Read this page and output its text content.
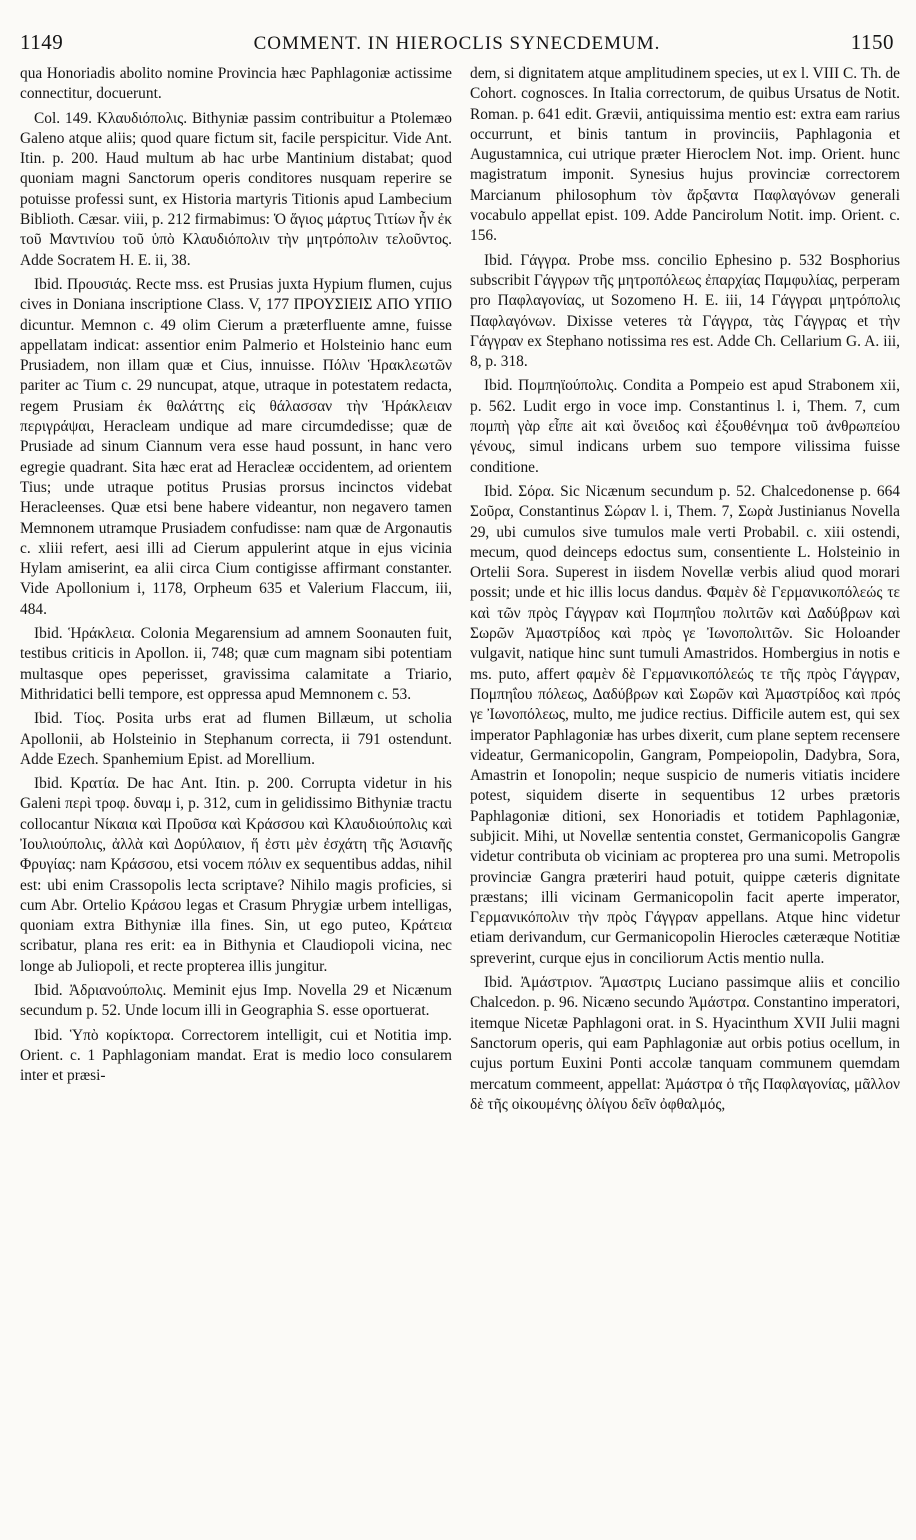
1149	COMMENT. IN HIEROCLIS SYNECDEMUM.	1150

qua Honoriadis abolito nomine Provincia hæc Paphlagoniæ actissime connectitur, docuerunt.

Col. 149. Κλαυδιόπολις. Bithyniæ passim contribuitur a Ptolemæo Galeno atque aliis; quod quare fictum sit, facile perspicitur. Vide Ant. Itin. p. 200. Haud multum ab hac urbe Mantinium distabat; quod quoniam magni Sanctorum operis conditores nusquam reperire se potuisse professi sunt, ex Historia martyris Titionis apud Lambecium Biblioth. Cæsar. viii, p. 212 firmabimus: Ὁ ἅγιος μάρτυς Τιτίων ἦν ἐκ τοῦ Μαντινίου τοῦ ὑπὸ Κλαυδιόπολιν τὴν μητρόπολιν τελοῦντος. Adde Socratem H. E. ii, 38.

Ibid. Προυσιάς. Recte mss. est Prusias juxta Hypium flumen, cujus cives in Doniana inscriptione Class. V, 177 ΠΡΟΥΣΙΕΙΣ ΑΠΟ ΥΠΙΟ dicuntur. Memnon c. 49 olim Cierum a præterfluente amne, fuisse appellatam indicat: assentior enim Palmerio et Holsteinio hanc eum Prusiadem, non illam quæ et Cius, innuisse. Πόλιν Ἡρακλεωτῶν pariter ac Tium c. 29 nuncupat, atque, utraque in potestatem redacta, regem Prusiam ἐκ θαλάττης εἰς θάλασσαν τὴν Ἡράκλειαν περιγράψαι, Heracleam undique ad mare circumdedisse; quæ de Prusiade ad sinum Ciannum vera esse haud possunt, in hanc vero egregie quadrant. Sita hæc erat ad Heracleæ occidentem, ad orientem Tius; unde utraque potitus Prusias prorsus incinctos videbat Heracleenses. Quæ etsi bene habere videantur, non negavero tamen Memnonem utramque Prusiadem confudisse: nam quæ de Argonautis c. xliii refert, aesi illi ad Cierum appulerint atque in ejus vicinia Hylam amiserint, ea alii circa Cium contigisse affirmant constanter. Vide Apollonium i, 1178, Orpheum 635 et Valerium Flaccum, iii, 484.

Ibid. Ἡράκλεια. Colonia Megarensium ad amnem Soonauten fuit, testibus criticis in Apollon. ii, 748; quæ cum magnam sibi potentiam multasque opes peperisset, gravissima calamitate a Triario, Mithridatici belli tempore, est oppressa apud Memnonem c. 53.

Ibid. Τίος. Posita urbs erat ad flumen Billæum, ut scholia Apollonii, ab Holsteinio in Stephanum correcta, ii 791 ostendunt. Adde Ezech. Spanhemium Epist. ad Morellium.

Ibid. Κρατία. De hac Ant. Itin. p. 200. Corrupta videtur in his Galeni περὶ τροφ. δυναμ i, p. 312, cum in gelidissimo Bithyniæ tractu collocantur Νίκαια καὶ Προῦσα καὶ Κράσσου καὶ Κλαυδιούπολις καὶ Ἰουλιούπολις, ἀλλὰ καὶ Δορύλαιον, ἥ ἐστι μὲν ἐσχάτη τῆς Ἀσιανῆς Φρυγίας: nam Κράσσου, etsi vocem πόλιν ex sequentibus addas, nihil est: ubi enim Crassopolis lecta scriptave? Nihilo magis proficies, si cum Abr. Ortelio Κράσου legas et Crasum Phrygiæ urbem intelligas, quoniam extra Bithyniæ illa fines. Sin, ut ego puteo, Κράτεια scribatur, plana res erit: ea in Bithynia et Claudiopoli vicina, nec longe ab Juliopoli, et recte propterea illis jungitur.

Ibid. Ἀδριανούπολις. Meminit ejus Imp. Novella 29 et Nicænum secundum p. 52. Unde locum illi in Geographia S. esse oportuerat.

Ibid. Ὑπὸ κορίκτορα. Correctorem intelligit, cui et Notitia imp. Orient. c. 1 Paphlagoniam mandat. Erat is medio loco consularem inter et præsi-

dem, si dignitatem atque amplitudinem species, ut ex l. VIII C. Th. de Cohort. cognosces. In Italia correctorum, de quibus Ursatus de Notit. Roman. p. 641 edit. Grævii, antiquissima mentio est: extra eam rarius occurrunt, et binis tantum in provinciis, Paphlagonia et Augustamnica, cui utrique præter Hieroclem Not. imp. Orient. hunc magistratum imponit. Synesius hujus provinciæ correctorem Marcianum philosophum τὸν ἄρξαντα Παφλαγόνων generali vocabulo appellat epist. 109. Adde Pancirolum Notit. imp. Orient. c. 156.

Ibid. Γάγγρα. Probe mss. concilio Ephesino p. 532 Bosphorius subscribit Γάγγρων τῆς μητροπόλεως ἐπαρχίας Παμφυλίας, perperam pro Παφλαγονίας, ut Sozomeno H. E. iii, 14 Γάγγραι μητρόπολις Παφλαγόνων. Dixisse veteres τὰ Γάγγρα, τὰς Γάγγρας et τὴν Γάγγραν ex Stephano notissima res est. Adde Ch. Cellarium G. A. iii, 8, p. 318.

Ibid. Πομπηϊούπολις. Condita a Pompeio est apud Strabonem xii, p. 562. Ludit ergo in voce imp. Constantinus l. i, Them. 7, cum πομπὴ γὰρ εἶπε ait καὶ ὄνειδος καὶ ἐξουθένημα τοῦ ἀνθρωπείου γένους, simul indicans urbem suo tempore vilissima fuisse conditione.

Ibid. Σόρα. Sic Nicænum secundum p. 52. Chalcedonense p. 664 Σοῦρα, Constantinus Σώραν l. i, Them. 7, Σωρὰ Justinianus Novella 29, ubi cumulos sive tumulos male verti Probabil. c. xiii ostendi, mecum, quod deinceps edoctus sum, consentiente L. Holsteinio in Ortelii Sora. Superest in iisdem Novellæ verbis aliud quod morari possit; unde et hic illis locus dandus. Φαμὲν δὲ Γερμανικοπόλεώς τε καὶ τῶν πρὸς Γάγγραν καὶ Πομπηΐου πολιτῶν καὶ Δαδύβρων καὶ Σωρῶν Ἀμαστρίδος καὶ πρὸς γε Ἰωνοπολιτῶν. Sic Holoander vulgavit, natique hinc sunt tumuli Amastridos. Hombergius in notis e ms. puto, affert φαμὲν δὲ Γερμανικοπόλεώς τε τῆς πρὸς Γάγγραν, Πομπηΐου πόλεως, Δαδύβρων καὶ Σωρῶν καὶ Ἀμαστρίδος καὶ πρός γε Ἰωνοπόλεως, multo, me judice rectius. Difficile autem est, qui sex imperator Paphlagoniæ has urbes dixerit, cum plane septem recensere videatur, Germanicopolin, Gangram, Pompeiopolin, Dadybra, Sora, Amastrin et Ionopolin; neque suspicio de numeris vitiatis incidere potest, siquidem diserte in sequentibus 12 urbes prætoris Paphlagoniæ ditioni, sex Honoriadis et totidem Paphlagoniæ, subjicit. Mihi, ut Novellæ sententia constet, Germanicopolis Gangræ videtur contributa ob viciniam ac propterea pro una sumi. Metropolis provinciæ Gangra præteriri haud potuit, quippe cæteris dignitate præstans; illi vicinam Germanicopolin facit aperte imperator, Γερμανικόπολιν τὴν πρὸς Γάγγραν appellans. Atque hinc videtur etiam derivandum, cur Germanicopolin Hierocles cæteræque Notitiæ spreverint, curque ejus in conciliorum Actis mentio nulla.

Ibid. Ἀμάστριον. Ἄμαστρις Luciano passimque aliis et concilio Chalcedon. p. 96. Nicæno secundo Ἀμάστρα. Constantino imperatori, itemque Nicetæ Paphlagoni orat. in S. Hyacinthum XVII Julii magni Sanctorum operis, qui eam Paphlagoniæ aut orbis potius ocellum, in cujus portum Euxini Ponti accolæ tanquam communem quemdam mercatum commeent, appellat: Ἀμάστρα ὁ τῆς Παφλαγονίας, μᾶλλον δὲ τῆς οἰκουμένης ὀλίγου δεῖν ὀφθαλμός,
